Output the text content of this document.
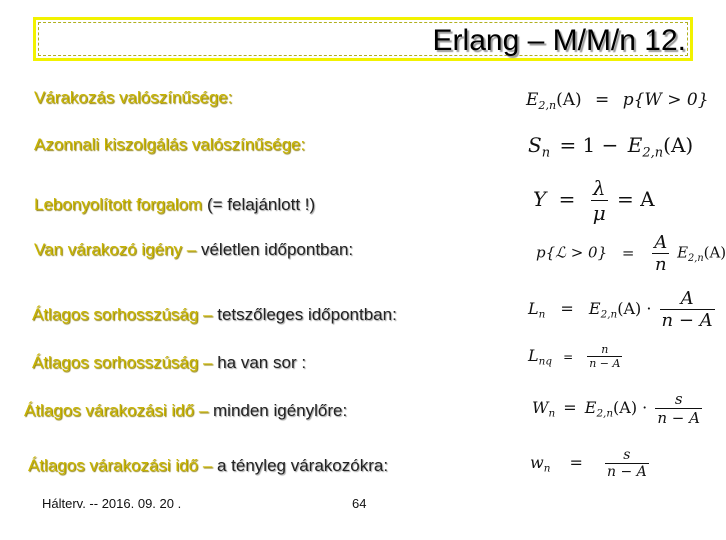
Erlang – M/M/n 12.
Várakozás valószínűsége:
Azonnali kiszolgálás valószínűsége:
Lebonyolított forgalom (= felajánlott !)
Van várakozó igény – véletlen időpontban:
Átlagos sorhosszúság – tetszőleges időpontban:
Átlagos sorhosszúság – ha van sor :
Átlagos várakozási idő – minden igénylőre:
Átlagos várakozási idő – a tényleg várakozókra:
$E_{2,n}(A) = p\{W > 0\}$
$S_n = 1 - E_{2,n}(A)$
$Y = \frac{\lambda}{\mu} = A$
p{ℒ > $0\} = \frac{A}{n} E_{2,n}(A)$
$L_n = E_{2,n}(A) \cdot \frac{A}{n - A}$
$L_{nq} = \frac{n}{n - A}$
$W_n = E_{2,n}(A) \cdot \frac{s}{n - A}$
$w_n = \frac{s}{n - A}$
Hálterv. -- 2016. 09. 20 .	64
